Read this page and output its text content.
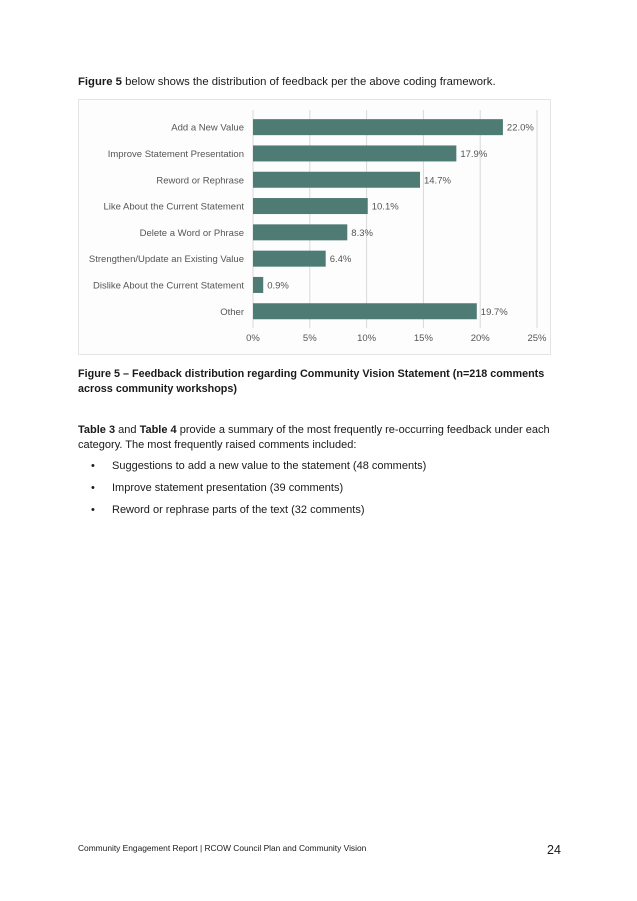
Figure 5 below shows the distribution of feedback per the above coding framework.
0%	5%	10%	15%	20%	25%
Add a New Value	22.0%
Improve Statement Presentation	17.9%
Reword or Rephrase	14.7%
Like About the Current Statement	10.1%
Delete a Word or Phrase	8.3%
Strengthen/Update an Existing Value	6.4%
Dislike About the Current Statement 0.9%
Other	19.7%
Figure 5 – Feedback distribution regarding Community Vision Statement (n=218 comments across community workshops)
Table 3 and Table 4 provide a summary of the most frequently re-occurring feedback under each category. The most frequently raised comments included:
• Suggestions to add a new value to the statement (48 comments)
• Improve statement presentation (39 comments)
• Reword or rephrase parts of the text (32 comments)
Community Engagement Report | RCOW Council Plan and Community Vision	24
